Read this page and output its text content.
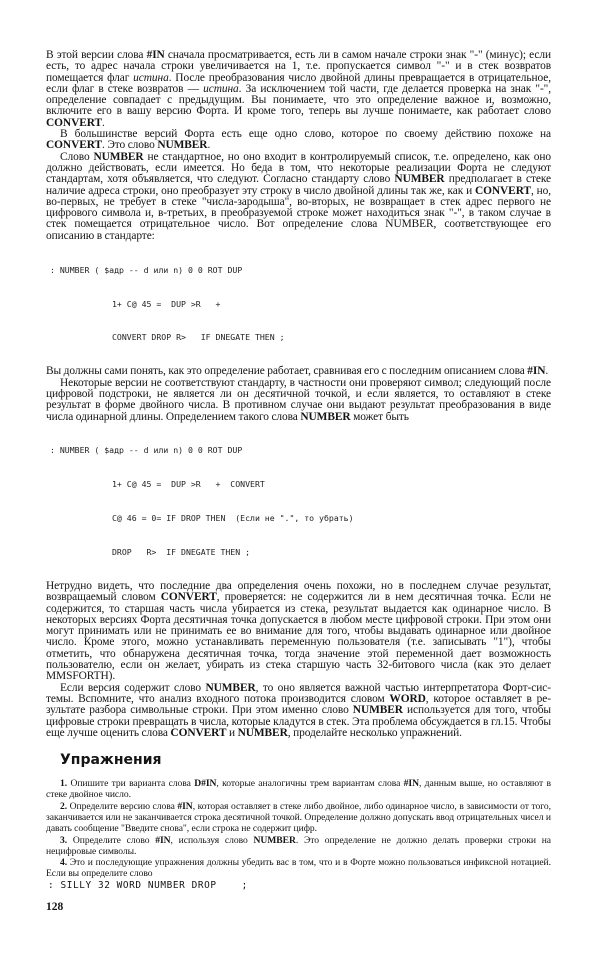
В этой версии слова #IN сначала просматривается, есть ли в самом начале строки знак "-" (минус); если есть, то адрес начала строки увеличивается на 1, т.е. пропускается символ "-" и в стек возвратов помещается флаг истина. После преобразования число двойной длины превращается в отрицательное, если флаг в стеке возвратов — истина. За исключением той части, где делается проверка на знак "-", определение совпадает с предыдущим. Вы понимаете, что это определение важное и, возможно, включите его в вашу версию Форта. И кроме того, теперь вы лучше понимаете, как работает слово CONVERT.
В большинстве версий Форта есть еще одно слово, которое по своему действию похоже на CONVERT. Это слово NUMBER.
Слово NUMBER не стандартное, но оно входит в контролируемый список, т.е. определено, как оно должно действовать, если имеется. Но беда в том, что некоторые реализации Форта не следуют стандартам, хотя объявляется, что следуют. Согласно стандарту слово NUMBER предполагает в стеке наличие адреса строки, оно преобразует эту строку в число двойной длины так же, как и CONVERT, но, во-первых, не требует в стеке "числа-зародыша", во-вторых, не возвращает в стек адрес первого не цифрового символа и, в-третьих, в преобразуемой строке может находиться знак "-", в таком случае в стек помещается отрицательное число. Вот определение слова NUMBER, соответствующее его описанию в стандарте:

: NUMBER ( $адр -- d или n) 0 0 ROT DUP

1+ C@ 45 =  DUP >R   +

CONVERT DROP R>   IF DNEGATE THEN ;

Вы должны сами понять, как это определение работает, сравнивая его с последним описанием слова #IN.
Некоторые версии не соответствуют стандарту, в частности они проверяют символ; следующий после цифровой подстроки, не является ли он десятичной точкой, и если является, то оставляют в стеке результат в форме двойного числа. В противном случае они выдают результат преобразования в виде числа одинарной длины. Определением такого слова NUMBER может быть

: NUMBER ( $адр -- d или n) 0 0 ROT DUP

1+ C@ 45 =  DUP >R   +  CONVERT

C@ 46 = 0= IF DROP THEN  (Если не ".", то убрать)

DROP   R>  IF DNEGATE THEN ;

Нетрудно видеть, что последние два определения очень похожи, но в последнем случае результат, возвращаемый словом CONVERT, проверяется: не содержится ли в нем десятичная точка. Если не содержится, то старшая часть числа убирается из стека, результат выдается как одинарное число. В некоторых версиях Форта десятичная точка допускается в любом месте цифровой строки. При этом они могут принимать или не принимать ее во внимание для того, чтобы выдавать одинарное или двойное число. Кроме этого, можно устанавливать переменную пользователя (т.е. записывать "1"), чтобы отметить, что обнаружена десятичная точка, тогда значение этой переменной дает возможность пользователю, если он желает, убирать из стека старшую часть 32-битового числа (как это делает MMSFORTH).
Если версия содержит слово NUMBER, то оно является важной частью интерпретатора Форт-системы. Вспомните, что анализ входного потока производится словом WORD, которое оставляет в результате разбора символьные строки. При этом именно слово NUMBER используется для того, чтобы цифровые строки превращать в числа, которые кладутся в стек. Эта проблема обсуждается в гл.15. Чтобы еще лучше оценить слова CONVERT и NUMBER, проделайте несколько упражнений.
Упражнения
1. Опишите три варианта слова D#IN, которые аналогичны трем вариантам слова #IN, данным выше, но оставляют в стеке двойное число.
2. Определите версию слова #IN, которая оставляет в стеке либо двойное, либо одинарное число, в зависимости от того, заканчивается или не заканчивается строка десятичной точкой. Определение должно допускать ввод отрицательных чисел и давать сообщение "Введите снова", если строка не содержит цифр.
3. Определите слово #IN, используя слово NUMBER. Это определение не должно делать проверки строки на нецифровые символы.
4. Это и последующие упражнения должны убедить вас в том, что и в Форте можно пользоваться инфиксной нотацией. Если вы определите слово
: SILLY 32 WORD NUMBER DROP    ;
128
